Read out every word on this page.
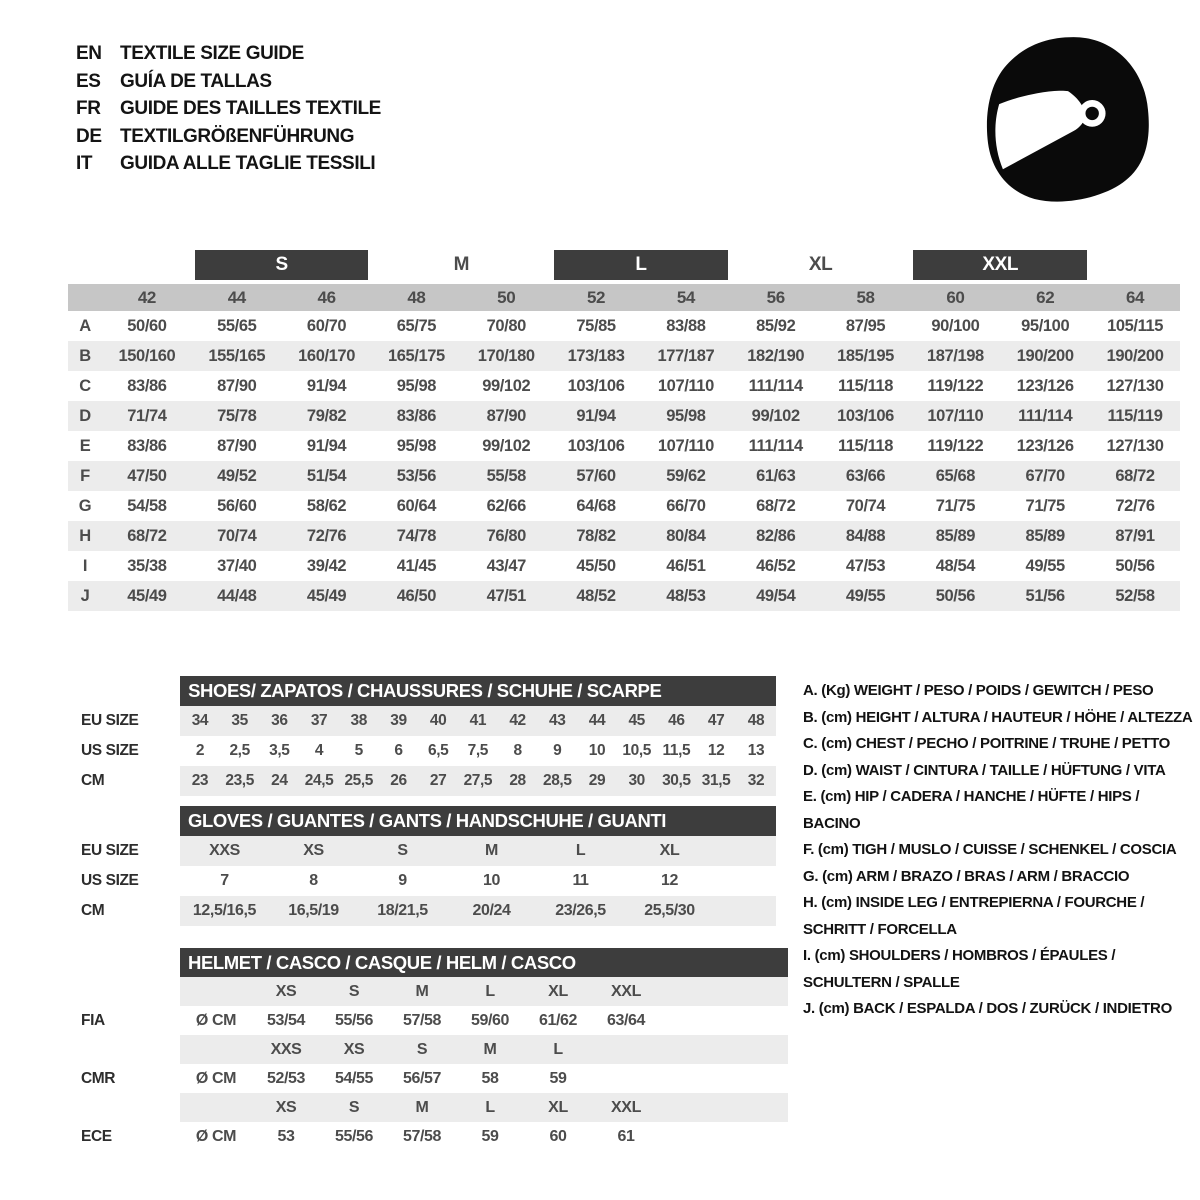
EN TEXTILE SIZE GUIDE
ES	GUÍA DE TALLAS
FR	GUIDE DES TAILLES TEXTILE
DE TEXTILGRÖßENFÜHRUNG
IT	GUIDA ALLE TAGLIE TESSILI

		S		M		L		XL		XXL		

	42	44	46	48	50	52	54	56	58	60	62	64
A	50/60	55/65	60/70	65/75	70/80	75/85	83/88	85/92	87/95	90/100	95/100	105/115
B	150/160	155/165	160/170	165/175	170/180	173/183	177/187	182/190	185/195	187/198	190/200	190/200
C	83/86	87/90	91/94	95/98	99/102	103/106	107/110	111/114	115/118	119/122	123/126	127/130
D	71/74	75/78	79/82	83/86	87/90	91/94	95/98	99/102	103/106	107/110	111/114	115/119
E	83/86	87/90	91/94	95/98	99/102	103/106	107/110	111/114	115/118	119/122	123/126	127/130
F	47/50	49/52	51/54	53/56	55/58	57/60	59/62	61/63	63/66	65/68	67/70	68/72
G	54/58	56/60	58/62	60/64	62/66	64/68	66/70	68/72	70/74	71/75	71/75	72/76
H	68/72	70/74	72/76	74/78	76/80	78/82	80/84	82/86	84/88	85/89	85/89	87/91
I	35/38	37/40	39/42	41/45	43/47	45/50	46/51	46/52	47/53	48/54	49/55	50/56
J	45/49	44/48	45/49	46/50	47/51	48/52	48/53	49/54	49/55	50/56	51/56	52/58
	SHOES/ ZAPATOS / CHAUSSURES / SCHUHE / SCARPE														
EU SIZE	34	35	36	37	38	39	40	41	42	43	44	45	46	47	48
US SIZE	2	2,5	3,5	4	5	6	6,5	7,5	8	9	10	10,5	11,5	12	13
CM	23	23,5	24	24,5	25,5	26	27	27,5	28	28,5	29	30	30,5	31,5	32
	GLOVES / GUANTES / GANTS / HANDSCHUHE / GUANTI						
EU SIZE	XXS	XS	S	M	L	XL	
US SIZE	7	8	9	10	11	12	
CM	12,5/16,5	16,5/19	18/21,5	20/24	23/26,5	25,5/30	
	HELMET / CASCO / CASQUE / HELM / CASCO							
		XS	S	M	L	XL	XXL	
FIA	Ø CM	53/54	55/56	57/58	59/60	61/62	63/64	
		XXS	XS	S	M	L		
CMR	Ø CM	52/53	54/55	56/57	58	59		
		XS	S	M	L	XL	XXL	
ECE	Ø CM	53	55/56	57/58	59	60	61	
A. (Kg) WEIGHT / PESO / POIDS / GEWITCH / PESO
B. (cm) HEIGHT / ALTURA / HAUTEUR / HÖHE / ALTEZZA
C. (cm) CHEST / PECHO / POITRINE / TRUHE / PETTO
D. (cm) WAIST / CINTURA / TAILLE / HÜFTUNG / VITA
E. (cm) HIP / CADERA / HANCHE / HÜFTE / HIPS / BACINO
F. (cm) TIGH / MUSLO / CUISSE / SCHENKEL / COSCIA
G. (cm) ARM / BRAZO / BRAS / ARM / BRACCIO
H. (cm) INSIDE LEG / ENTREPIERNA / FOURCHE / SCHRITT / FORCELLA
I. (cm) SHOULDERS / HOMBROS / ÉPAULES / SCHULTERN / SPALLE
J. (cm) BACK / ESPALDA / DOS / ZURÜCK / INDIETRO
